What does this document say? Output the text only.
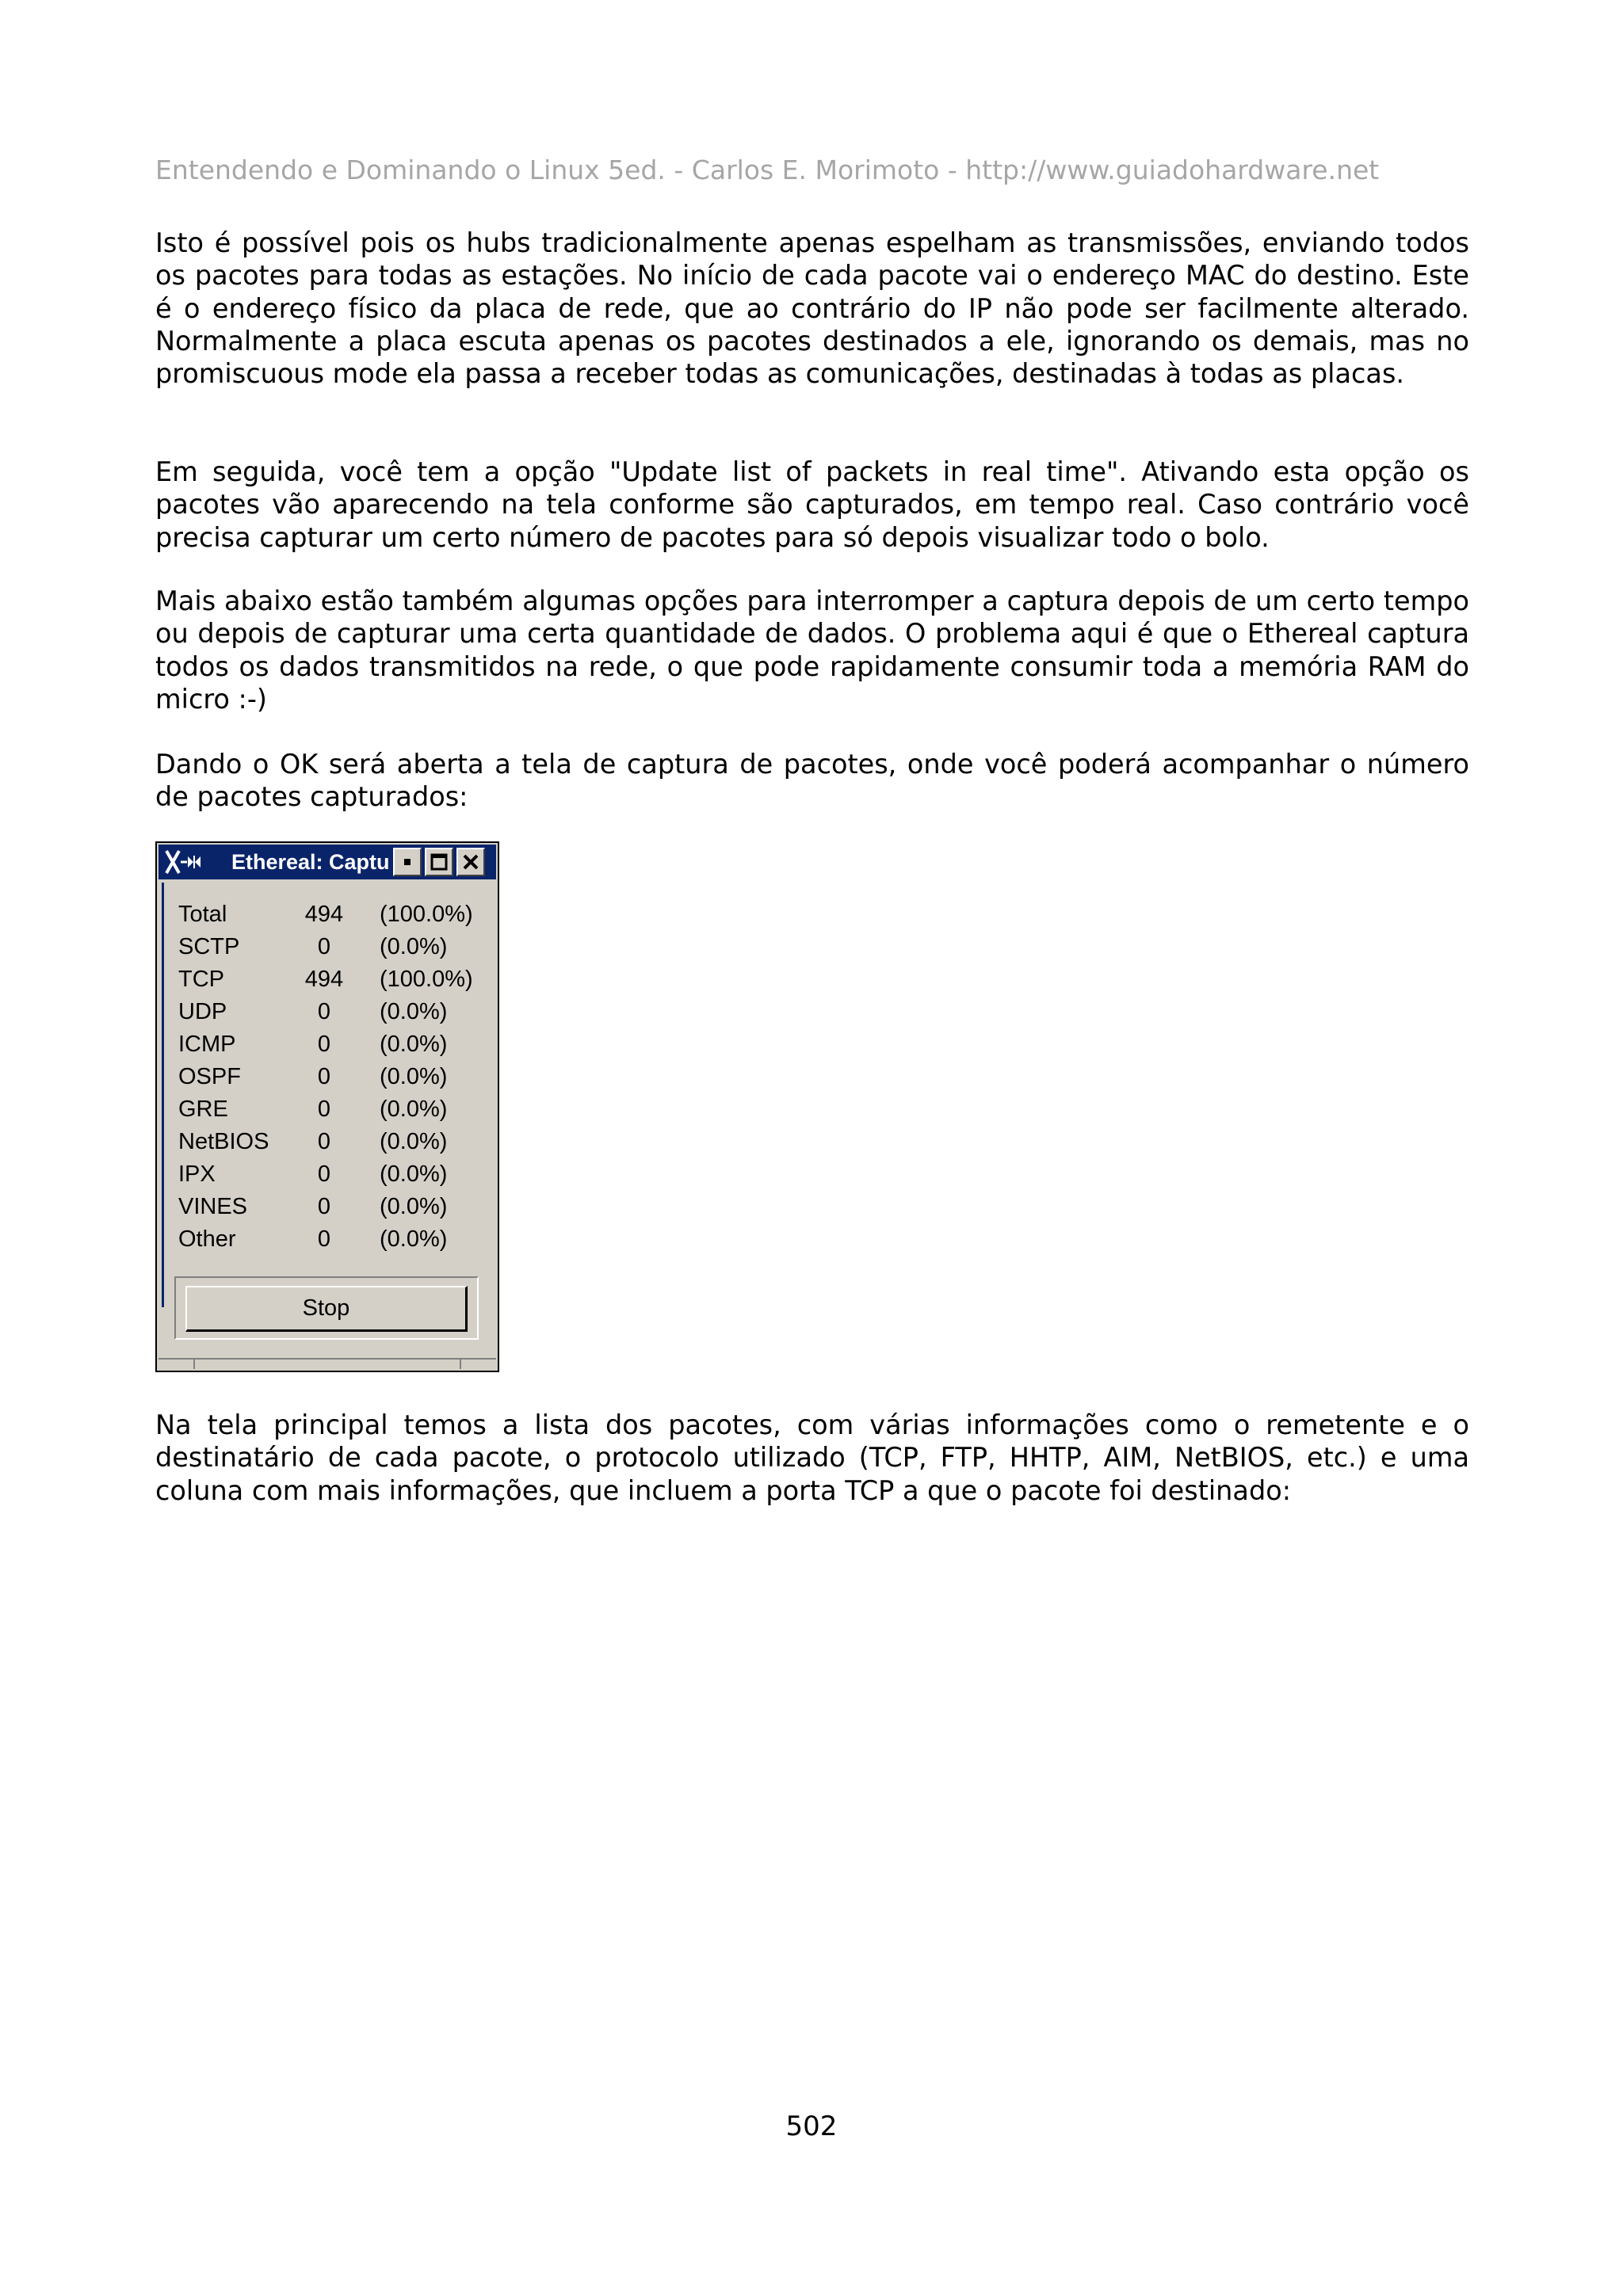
Entendendo e Dominando o Linux 5ed. - Carlos E. Morimoto - http://www.guiadohardware.net

Isto é possível pois os hubs tradicionalmente apenas espelham as transmissões, enviando todos os pacotes para todas as estações. No início de cada pacote vai o endereço MAC do destino. Este é o endereço físico da placa de rede, que ao contrário do IP não pode ser facilmente alterado. Normalmente a placa escuta apenas os pacotes destinados a ele, ignorando os demais, mas no promiscuous mode ela passa a receber todas as comunicações, destinadas à todas as placas.

Em seguida, você tem a opção "Update list of packets in real time". Ativando esta opção os pacotes vão aparecendo na tela conforme são capturados, em tempo real. Caso contrário você precisa capturar um certo número de pacotes para só depois visualizar todo o bolo.

Mais abaixo estão também algumas opções para interromper a captura depois de um certo tempo ou depois de capturar uma certa quantidade de dados. O problema aqui é que o Ethereal captura todos os dados transmitidos na rede, o que pode rapidamente consumir toda a memória RAM do micro :-)

Dando o OK será aberta a tela de captura de pacotes, onde você poderá acompanhar o número de pacotes capturados:

Ethereal: Captu
Total	494	(100.0%)
SCTP	0	(0.0%)
TCP	494	(100.0%)
UDP	0	(0.0%)
ICMP	0	(0.0%)
OSPF	0	(0.0%)
GRE	0	(0.0%)
NetBIOS	0	(0.0%)
IPX	0	(0.0%)
VINES	0	(0.0%)
Other	0	(0.0%)
Stop

Na tela principal temos a lista dos pacotes, com várias informações como o remetente e o destinatário de cada pacote, o protocolo utilizado (TCP, FTP, HHTP, AIM, NetBIOS, etc.) e uma coluna com mais informações, que incluem a porta TCP a que o pacote foi destinado:

502
